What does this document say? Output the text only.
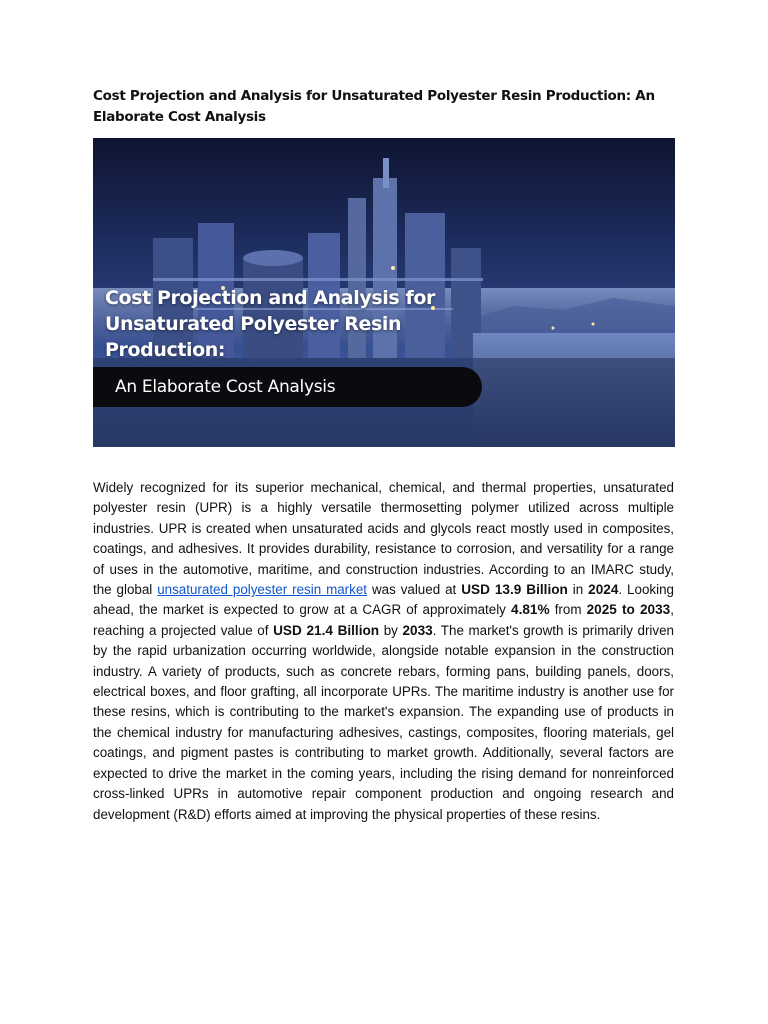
Cost Projection and Analysis for Unsaturated Polyester Resin Production: An Elaborate Cost Analysis
Cost Projection and Analysis for Unsaturated Polyester Resin Production:
An Elaborate Cost Analysis
Widely recognized for its superior mechanical, chemical, and thermal properties, unsaturated polyester resin (UPR) is a highly versatile thermosetting polymer utilized across multiple industries. UPR is created when unsaturated acids and glycols react mostly used in composites, coatings, and adhesives. It provides durability, resistance to corrosion, and versatility for a range of uses in the automotive, maritime, and construction industries. According to an IMARC study, the global unsaturated polyester resin market was valued at USD 13.9 Billion in 2024. Looking ahead, the market is expected to grow at a CAGR of approximately 4.81% from 2025 to 2033, reaching a projected value of USD 21.4 Billion by 2033. The market's growth is primarily driven by the rapid urbanization occurring worldwide, alongside notable expansion in the construction industry. A variety of products, such as concrete rebars, forming pans, building panels, doors, electrical boxes, and floor grafting, all incorporate UPRs. The maritime industry is another use for these resins, which is contributing to the market's expansion. The expanding use of products in the chemical industry for manufacturing adhesives, castings, composites, flooring materials, gel coatings, and pigment pastes is contributing to market growth. Additionally, several factors are expected to drive the market in the coming years, including the rising demand for nonreinforced cross-linked UPRs in automotive repair component production and ongoing research and development (R&D) efforts aimed at improving the physical properties of these resins.
